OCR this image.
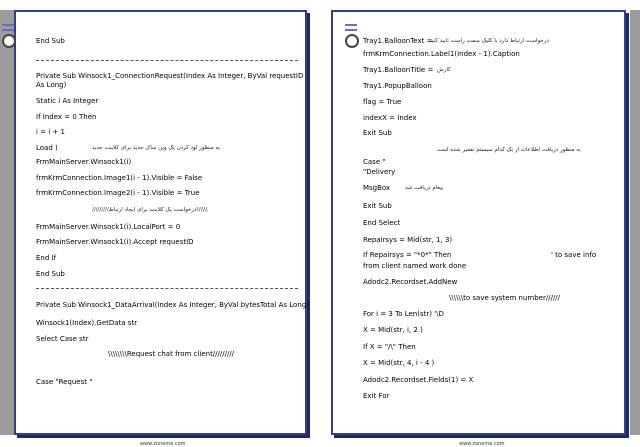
End Sub
Private Sub Winsock1_ConnectionRequest(Index As Integer, ByVal requestID
As Long)
Static i As Integer
If Index = 0 Then
i = i + 1
Load )	به منظور لود کردن یک وین ساک جدید برای کلاینت جدید
FrmMainServer.Winsock1(i)
frmKrmConnection.Image1(i - 1).Visible = False
frmKrmConnection.Image2(i - 1).Visible = True
\\\\\\درخواست یک کلاینت برای ایجاد ارتباط/////////
FrmMainServer.Winsock1(i).LocalPort = 0
FrmMainServer.Winsock1(i).Accept requestID
End If
End Sub
Private Sub Winsock1_DataArrival(Index As Integer, ByVal bytesTotal As Long)
Winsock1(Index).GetData str
Select Case str
\\\\\\\\Request chat from client/////////
Case "Request "
www.zoneme.com
Tray1.BalloonText =
درخواست ارتباط دارد با کلیک سمت راست تایید کنید
frmKrmConnection.Label1(Index - 1).Caption
Tray1.BalloonTitle = کارش
Tray1.PopupBalloon
flag = True
indexX = Index
Exit Sub
به منظور دریافت اطلاعات از یک کدام سیستم تعمیر شده است
Case "
"Delivery
MsgBox	پیغام دریافت شد
Exit Sub
End Select
Repairsys = Mid(str, 1, 3)
If Repairsys = "*0*" Then	' to save info
from client named work done
Adodc2.Recordset.AddNew
\\\\\\to save system number//////
For i = 3 To Len(str) '\D
X = Mid(str, i, 2 )
If X = "/\" Then
X = Mid(str, 4, i - 4 )
Adodc2.Recordset.Fields(1) = X
Exit For
www.zoneme.com
